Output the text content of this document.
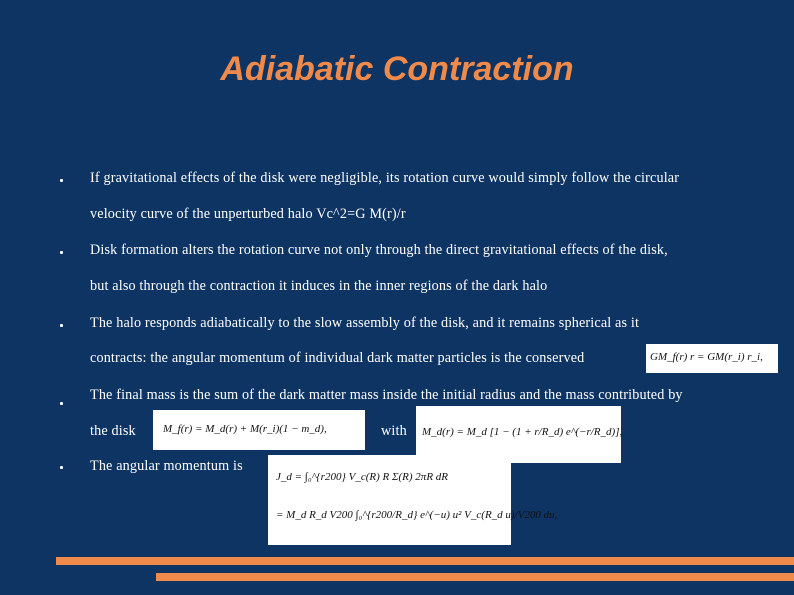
Adiabatic Contraction
If gravitational effects of the disk were negligible, its rotation curve would simply follow the circular
velocity curve of the unperturbed halo Vc^2=G M(r)/r
Disk formation alters the rotation curve not only through the direct gravitational effects of the disk,
but also through the contraction it induces in the inner regions of the dark halo
The halo responds adiabatically to the slow assembly of the disk, and it remains spherical as it
contracts: the angular momentum of individual dark matter particles is the conserved	GM_f(r) r = GM(r_i) r_i,
The final mass is the sum of the dark matter mass inside the initial radius and the mass contributed by
the disk	M_f(r) = M_d(r) + M(r_i)(1 − m_d),	with	M_d(r) = M_d [1 − (1 + r/R_d) e^(−r/R_d)],
The angular momentum is
J_d = ∫₀^{r200} V_c(R) R Σ(R) 2πR dR
= M_d R_d V200 ∫₀^{r200/R_d} e^(−u) u² V_c(R_d u)/V200 du,
